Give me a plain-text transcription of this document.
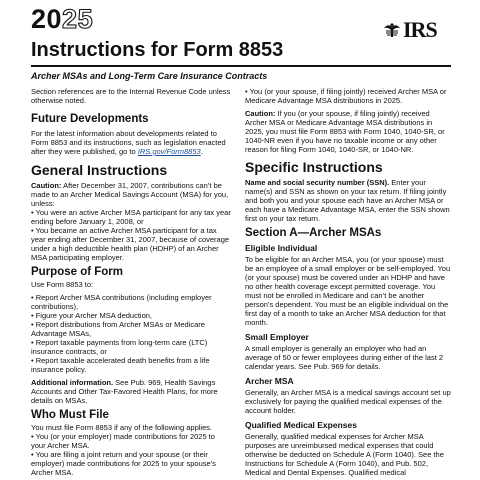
2025	IRS
Instructions for Form 8853
Archer MSAs and Long-Term Care Insurance Contracts

Section references are to the Internal Revenue Code unless otherwise noted.

Future Developments

For the latest information about developments related to Form 8853 and its instructions, such as legislation enacted after they were published, go to IRS.gov/Form8853.

General Instructions

Caution: After December 31, 2007, contributions can’t be made to an Archer Medical Savings Account (MSA) for you, unless:

• You were an active Archer MSA participant for any tax year ending before January 1, 2008, or

• You became an active Archer MSA participant for a tax year ending after December 31, 2007, because of coverage under a high deductible health plan (HDHP) of an Archer MSA participating employer.

Purpose of Form

Use Form 8853 to:

• Report Archer MSA contributions (including employer contributions),

• Figure your Archer MSA deduction,

• Report distributions from Archer MSAs or Medicare Advantage MSAs,

• Report taxable payments from long-term care (LTC) insurance contracts, or

• Report taxable accelerated death benefits from a life insurance policy.

Additional information. See Pub. 969, Health Savings Accounts and Other Tax-Favored Health Plans, for more details on MSAs.

Who Must File

You must file Form 8853 if any of the following applies.

• You (or your employer) made contributions for 2025 to your Archer MSA.

• You are filing a joint return and your spouse (or their employer) made contributions for 2025 to your spouse's Archer MSA.

• You (or your spouse, if filing jointly) received Archer MSA or Medicare Advantage MSA distributions in 2025.

Caution: If you (or your spouse, if filing jointly) received Archer MSA or Medicare Advantage MSA distributions in 2025, you must file Form 8853 with Form 1040, 1040-SR, or 1040-NR even if you have no taxable income or any other reason for filing Form 1040, 1040-SR, or 1040-NR.

Specific Instructions

Name and social security number (SSN). Enter your name(s) and SSN as shown on your tax return. If filing jointly and both you and your spouse each have an Archer MSA or each have a Medicare Advantage MSA, enter the SSN shown first on your tax return.

Section A—Archer MSAs
Eligible Individual

To be eligible for an Archer MSA, you (or your spouse) must be an employee of a small employer or be self-employed. You (or your spouse) must be covered under an HDHP and have no other health coverage except permitted coverage. You must not be enrolled in Medicare and can’t be another person’s dependent. You must be an eligible individual on the first day of a month to take an Archer MSA deduction for that month.

Small Employer

A small employer is generally an employer who had an average of 50 or fewer employees during either of the last 2 calendar years. See Pub. 969 for details.

Archer MSA

Generally, an Archer MSA is a medical savings account set up exclusively for paying the qualified medical expenses of the account holder.

Qualified Medical Expenses

Generally, qualified medical expenses for Archer MSA purposes are unreimbursed medical expenses that could otherwise be deducted on Schedule A (Form 1040). See the Instructions for Schedule A (Form 1040), and Pub. 502, Medical and Dental Expenses. Qualified medical
